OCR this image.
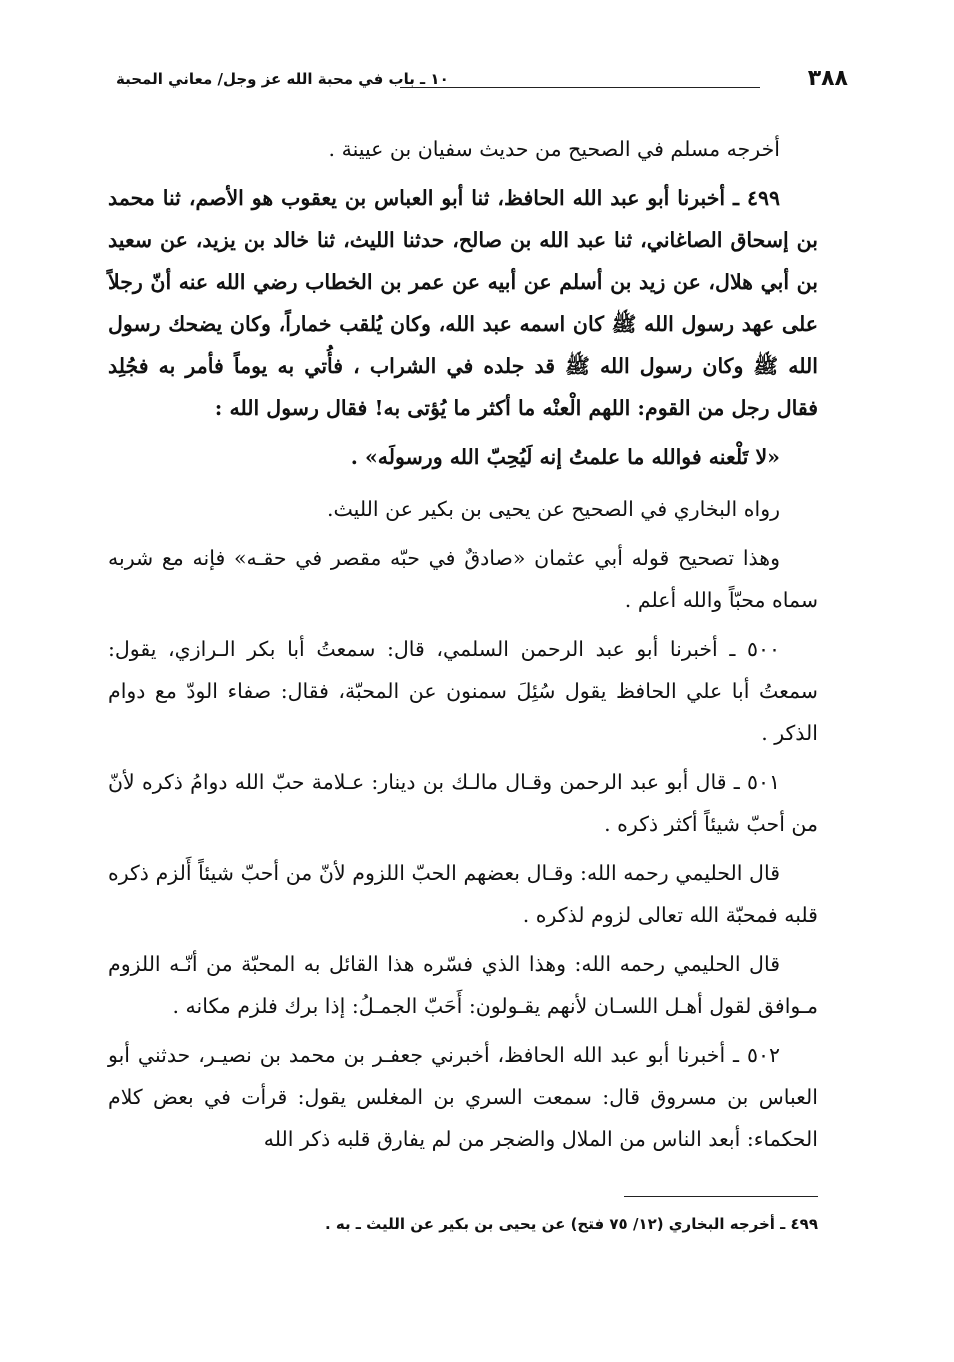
١٠ ـ باب في محبة الله عز وجل/ معاني المحبة	٣٨٨

أخرجه مسلم في الصحيح من حديث سفيان بن عيينة .

٤٩٩ ـ أخبرنا أبو عبد الله الحافظ، ثنا أبو العباس بن يعقوب هو الأصم، ثنا محمد بن إسحاق الصاغاني، ثنا عبد الله بن صالح، حدثنا الليث، ثنا خالد بن يزيد، عن سعيد بن أبي هلال، عن زيد بن أسلم عن أبيه عن عمر بن الخطاب رضي الله عنه أنّ رجلاً على عهد رسول الله ﷺ كان اسمه عبد الله، وكان يُلقب خماراً، وكان يضحك رسول الله ﷺ وكان رسول الله ﷺ قد جلده في الشراب ، فأُتي به يوماً فأمر به فجُلِد فقال رجل من القوم: اللهم الْعنْه ما أكثر ما يُؤتى به! فقال رسول الله :

«لا تَلْعنه فوالله ما علمتُ إنه لَيُحِبّ الله ورسولَه» .

رواه البخاري في الصحيح عن يحيى بن بكير عن الليث.

وهذا تصحيح قوله أبي عثمان «صادقٌ في حبّه مقصر في حقـه» فإنه مع شربه سماه محبّاً والله أعلم .

٥٠٠ ـ أخبرنا أبو عبد الرحمن السلمي، قال: سمعتُ أبا بكر الـرازي، يقول: سمعتُ أبا علي الحافظ يقول سُئِلَ سمنون عن المحبّة، فقال: صفاء الودّ مع دوام الذكر .

٥٠١ ـ قال أبو عبد الرحمن وقـال مالـك بن دينار: عـلامة حبّ الله دوامُ ذكره لأنّ من أحبّ شيئاً أكثر ذكره .

قال الحليمي رحمه الله: وقـال بعضهم الحبّ اللزوم لأنّ من أحبّ شيئاً أَلزم ذكره قلبه فمحبّة الله تعالى لزوم لذكره .

قال الحليمي رحمه الله: وهذا الذي فسّره هذا القائل به المحبّة من أنّـه اللزوم مـوافق لقول أهـل اللسـان لأنهم يقـولون: أَحَبّ الجمـلُ: إذا برك فلزم مكانه .

٥٠٢ ـ أخبرنا أبو عبد الله الحافظ، أخبرني جعفـر بن محمد بن نصيـر، حدثني أبو العباس بن مسروق قال: سمعت السري بن المغلس يقول: قرأت في بعض كلام الحكماء: أبعد الناس من الملال والضجر من لم يفارق قلبه ذكر الله

٤٩٩ ـ أخرجه البخاري (١٢/ ٧٥ فتح) عن يحيى بن بكير عن الليث ـ به .
